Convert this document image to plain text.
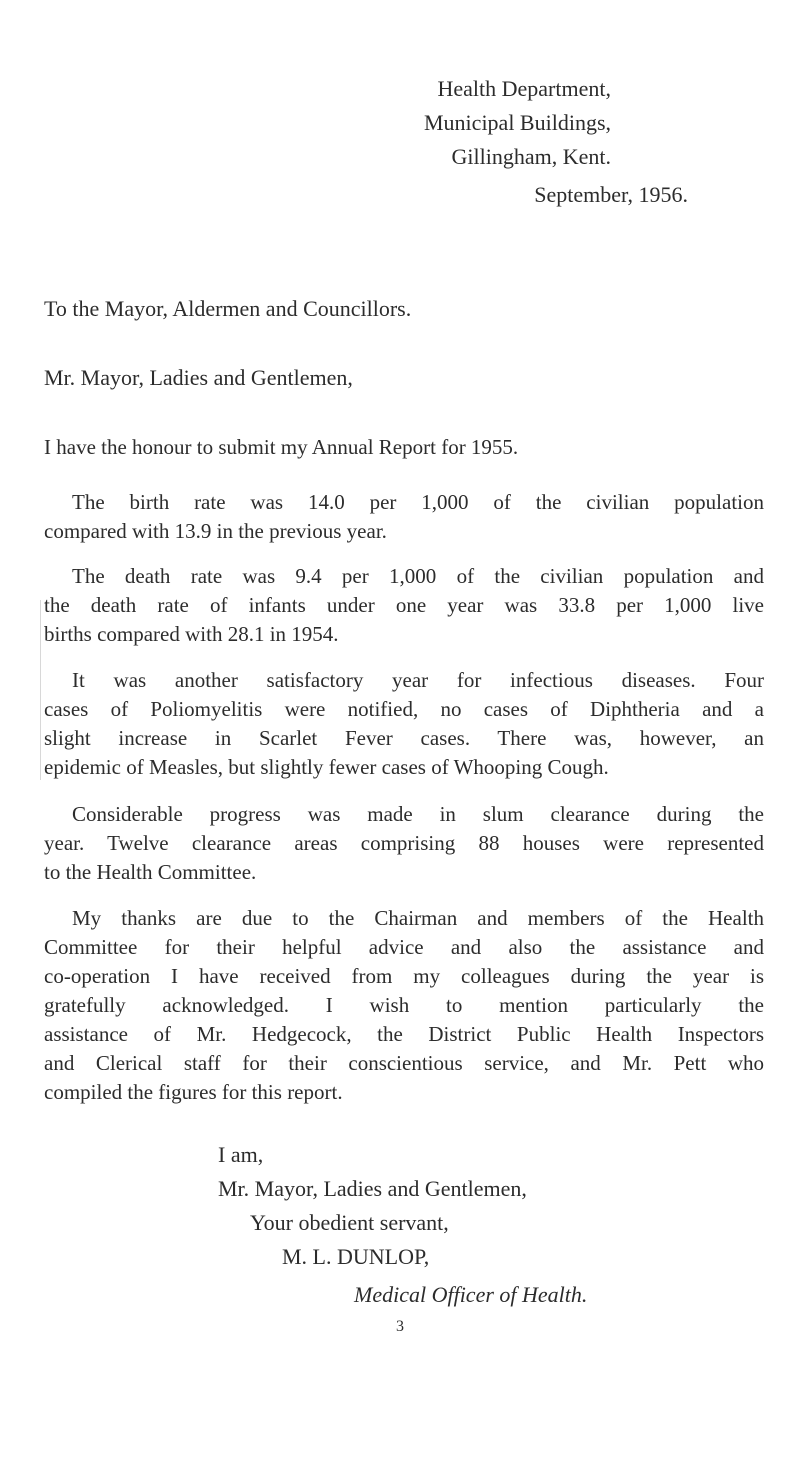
Health Department,
Municipal Buildings,
Gillingham, Kent.
September, 1956.
To the Mayor, Aldermen and Councillors.
Mr. Mayor, Ladies and Gentlemen,
I have the honour to submit my Annual Report for 1955.
The birth rate was 14.0 per 1,000 of the civilian population
compared with 13.9 in the previous year.
The death rate was 9.4 per 1,000 of the civilian population and
the death rate of infants under one year was 33.8 per 1,000 live
births compared with 28.1 in 1954.
It was another satisfactory year for infectious diseases. Four
cases of Poliomyelitis were notified, no cases of Diphtheria and a
slight increase in Scarlet Fever cases. There was, however, an
epidemic of Measles, but slightly fewer cases of Whooping Cough.
Considerable progress was made in slum clearance during the
year. Twelve clearance areas comprising 88 houses were represented
to the Health Committee.
My thanks are due to the Chairman and members of the Health
Committee for their helpful advice and also the assistance and
co-operation I have received from my colleagues during the year is
gratefully acknowledged. I wish to mention particularly the
assistance of Mr. Hedgecock, the District Public Health Inspectors
and Clerical staff for their conscientious service, and Mr. Pett who
compiled the figures for this report.
I am,
Mr. Mayor, Ladies and Gentlemen,
Your obedient servant,
M. L. DUNLOP,
Medical Officer of Health.
3
